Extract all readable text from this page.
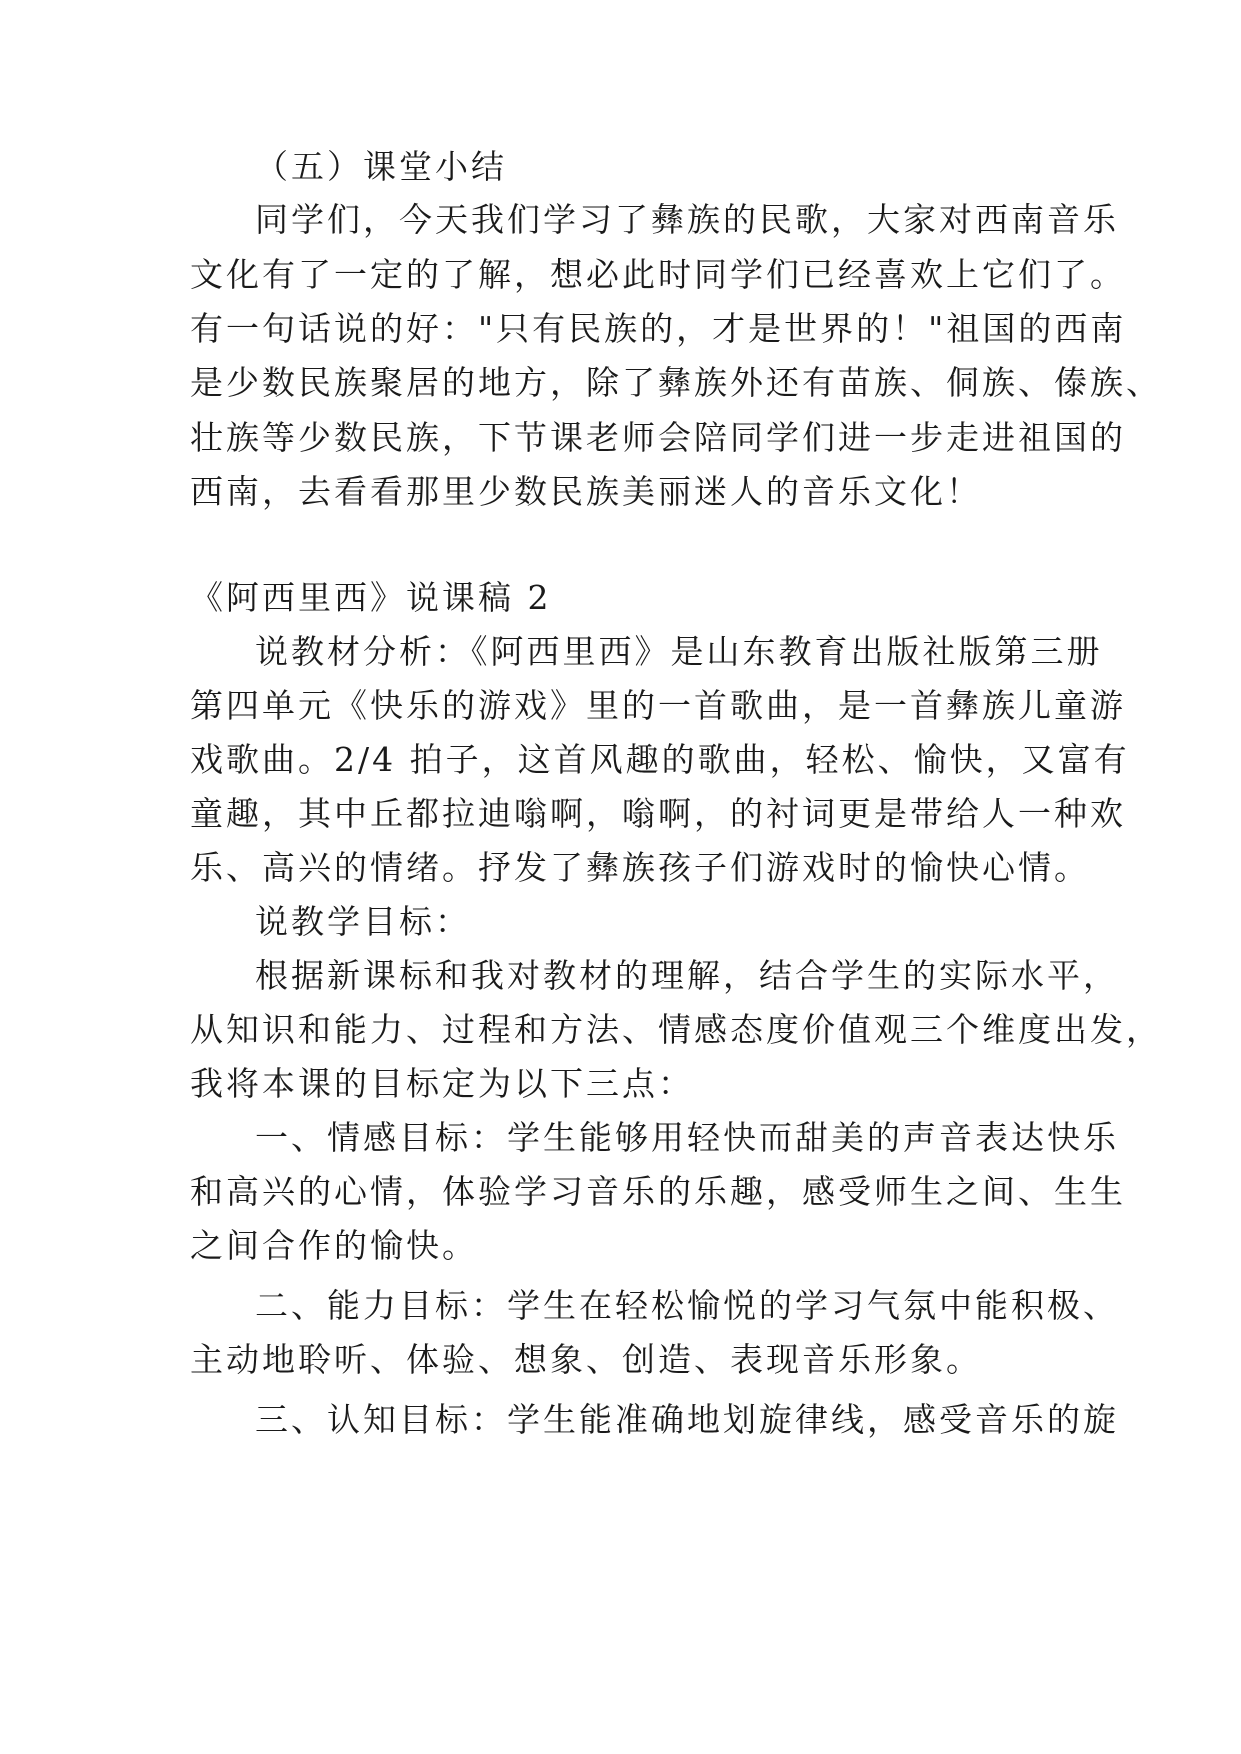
（五）课堂小结
同学们，今天我们学习了彝族的民歌，大家对西南音乐
文化有了一定的了解，想必此时同学们已经喜欢上它们了。
有一句话说的好："只有民族的，才是世界的！"祖国的西南
是少数民族聚居的地方，除了彝族外还有苗族、侗族、傣族、
壮族等少数民族，下节课老师会陪同学们进一步走进祖国的
西南，去看看那里少数民族美丽迷人的音乐文化！
《阿西里西》说课稿 2
说教材分析：《阿西里西》是山东教育出版社版第三册
第四单元《快乐的游戏》里的一首歌曲，是一首彝族儿童游
戏歌曲。2/4 拍子，这首风趣的歌曲，轻松、愉快，又富有
童趣，其中丘都拉迪嗡啊，嗡啊，的衬词更是带给人一种欢
乐、高兴的情绪。抒发了彝族孩子们游戏时的愉快心情。
说教学目标：
根据新课标和我对教材的理解，结合学生的实际水平，
从知识和能力、过程和方法、情感态度价值观三个维度出发，
我将本课的目标定为以下三点：
一、情感目标：学生能够用轻快而甜美的声音表达快乐
和高兴的心情，体验学习音乐的乐趣，感受师生之间、生生
之间合作的愉快。
二、能力目标：学生在轻松愉悦的学习气氛中能积极、
主动地聆听、体验、想象、创造、表现音乐形象。
三、认知目标：学生能准确地划旋律线，感受音乐的旋
